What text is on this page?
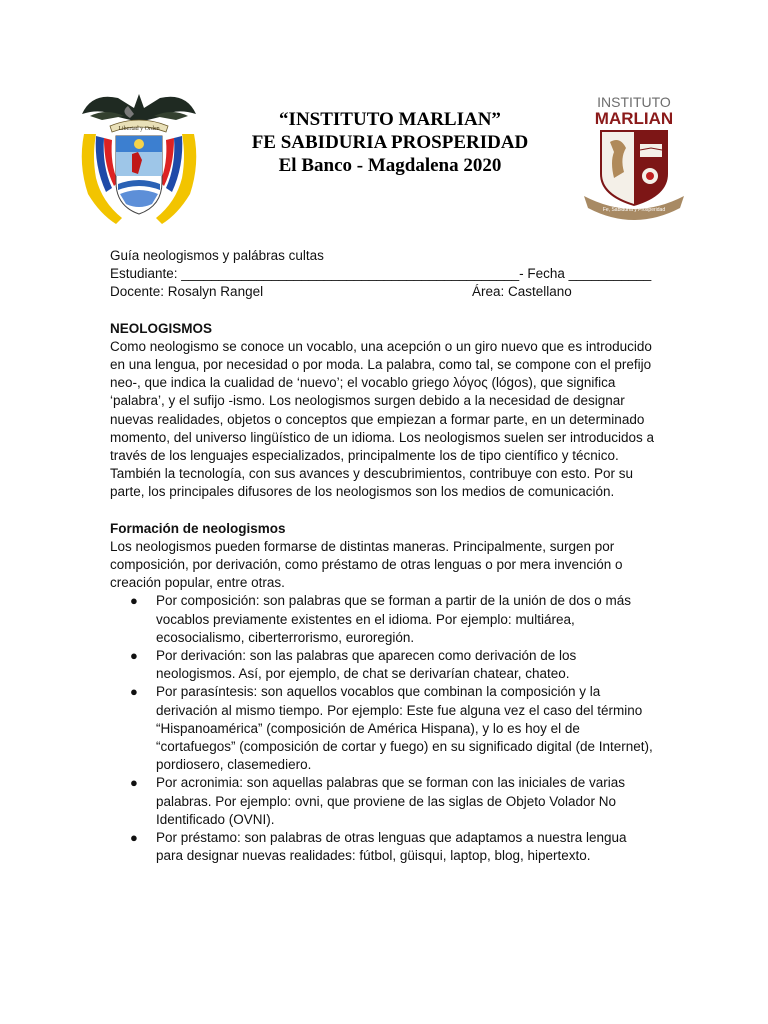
Libertad y Orden	“INSTITUTO MARLIAN”
FE SABIDURIA PROSPERIDAD
El Banco - Magdalena 2020
INSTITUTO
MARLIAN
Fe, Sabiduría y Prosperidad
Guía neologismos y palábras cultas
Estudiante: _____________________________________________- Fecha ___________
Docente: Rosalyn Rangel	Área: Castellano
NEOLOGISMOS

Como neologismo se conoce un vocablo, una acepción o un giro nuevo que es introducido en una lengua, por necesidad o por moda. La palabra, como tal, se compone con el prefijo neo-, que indica la cualidad de ‘nuevo’; el vocablo griego λόγος (lógos), que significa ‘palabra’, y el sufijo -ismo. Los neologismos surgen debido a la necesidad de designar nuevas realidades, objetos o conceptos que empiezan a formar parte, en un determinado momento, del universo lingüístico de un idioma. Los neologismos suelen ser introducidos a través de los lenguajes especializados, principalmente los de tipo científico y técnico. También la tecnología, con sus avances y descubrimientos, contribuye con esto. Por su parte, los principales difusores de los neologismos son los medios de comunicación.

Formación de neologismos

Los neologismos pueden formarse de distintas maneras. Principalmente, surgen por composición, por derivación, como préstamo de otras lenguas o por mera invención o creación popular, entre otras.

● Por composición: son palabras que se forman a partir de la unión de dos o más vocablos previamente existentes en el idioma. Por ejemplo: multiárea, ecosocialismo, ciberterrorismo, euroregión.
● Por derivación: son las palabras que aparecen como derivación de los neologismos. Así, por ejemplo, de chat se derivarían chatear, chateo.
● Por parasíntesis: son aquellos vocablos que combinan la composición y la derivación al mismo tiempo. Por ejemplo: Este fue alguna vez el caso del término “Hispanoamérica” (composición de América Hispana), y lo es hoy el de “cortafuegos” (composición de cortar y fuego) en su significado digital (de Internet), pordiosero, clasemediero.
● Por acronimia: son aquellas palabras que se forman con las iniciales de varias palabras. Por ejemplo: ovni, que proviene de las siglas de Objeto Volador No Identificado (OVNI).
● Por préstamo: son palabras de otras lenguas que adaptamos a nuestra lengua para designar nuevas realidades: fútbol, güisqui, laptop, blog, hipertexto.
